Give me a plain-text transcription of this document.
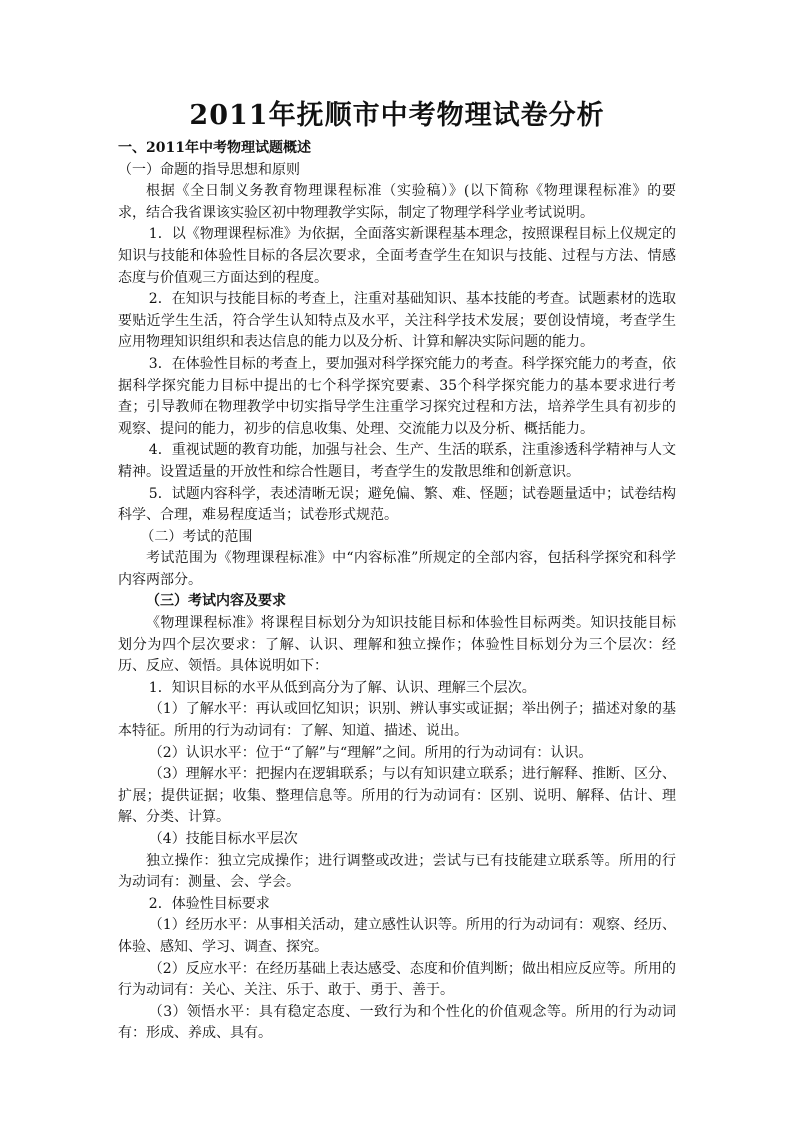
2011年抚顺市中考物理试卷分析

一、2011年中考物理试题概述

（一）命题的指导思想和原则

根据《全日制义务教育物理课程标准（实验稿）》(以下简称《物理课程标准》的要求，结合我省课该实验区初中物理教学实际，制定了物理学科学业考试说明。

1．以《物理课程标准》为依据，全面落实新课程基本理念，按照课程目标上仪规定的知识与技能和体验性目标的各层次要求，全面考查学生在知识与技能、过程与方法、情感态度与价值观三方面达到的程度。

2．在知识与技能目标的考查上，注重对基础知识、基本技能的考查。试题素材的选取要贴近学生生活，符合学生认知特点及水平，关注科学技术发展；要创设情境，考查学生应用物理知识组织和表达信息的能力以及分析、计算和解决实际问题的能力。

3．在体验性目标的考查上，要加强对科学探究能力的考查。科学探究能力的考查，依据科学探究能力目标中提出的七个科学探究要素、35个科学探究能力的基本要求进行考查；引导教师在物理教学中切实指导学生注重学习探究过程和方法，培养学生具有初步的观察、提问的能力，初步的信息收集、处理、交流能力以及分析、概括能力。

4．重视试题的教育功能，加强与社会、生产、生活的联系，注重渗透科学精神与人文精神。设置适量的开放性和综合性题目，考查学生的发散思维和创新意识。

5．试题内容科学，表述清晰无误；避免偏、繁、难、怪题；试卷题量适中；试卷结构科学、合理，难易程度适当；试卷形式规范。

（二）考试的范围

考试范围为《物理课程标准》中“内容标准”所规定的全部内容，包括科学探究和科学内容两部分。

（三）考试内容及要求

《物理课程标准》将课程目标划分为知识技能目标和体验性目标两类。知识技能目标划分为四个层次要求：了解、认识、理解和独立操作；体验性目标划分为三个层次：经历、反应、领悟。具体说明如下：

1．知识目标的水平从低到高分为了解、认识、理解三个层次。

（1）了解水平：再认或回忆知识；识别、辨认事实或证据；举出例子；描述对象的基本特征。所用的行为动词有：了解、知道、描述、说出。

（2）认识水平：位于“了解”与“理解”之间。所用的行为动词有：认识。

（3）理解水平：把握内在逻辑联系；与以有知识建立联系；进行解释、推断、区分、扩展；提供证据；收集、整理信息等。所用的行为动词有：区别、说明、解释、估计、理解、分类、计算。

（4）技能目标水平层次

独立操作：独立完成操作；进行调整或改进；尝试与已有技能建立联系等。所用的行为动词有：测量、会、学会。

2．体验性目标要求

（1）经历水平：从事相关活动，建立感性认识等。所用的行为动词有：观察、经历、体验、感知、学习、调查、探究。

（2）反应水平：在经历基础上表达感受、态度和价值判断；做出相应反应等。所用的行为动词有：关心、关注、乐于、敢于、勇于、善于。

（3）领悟水平：具有稳定态度、一致行为和个性化的价值观念等。所用的行为动词有：形成、养成、具有。
